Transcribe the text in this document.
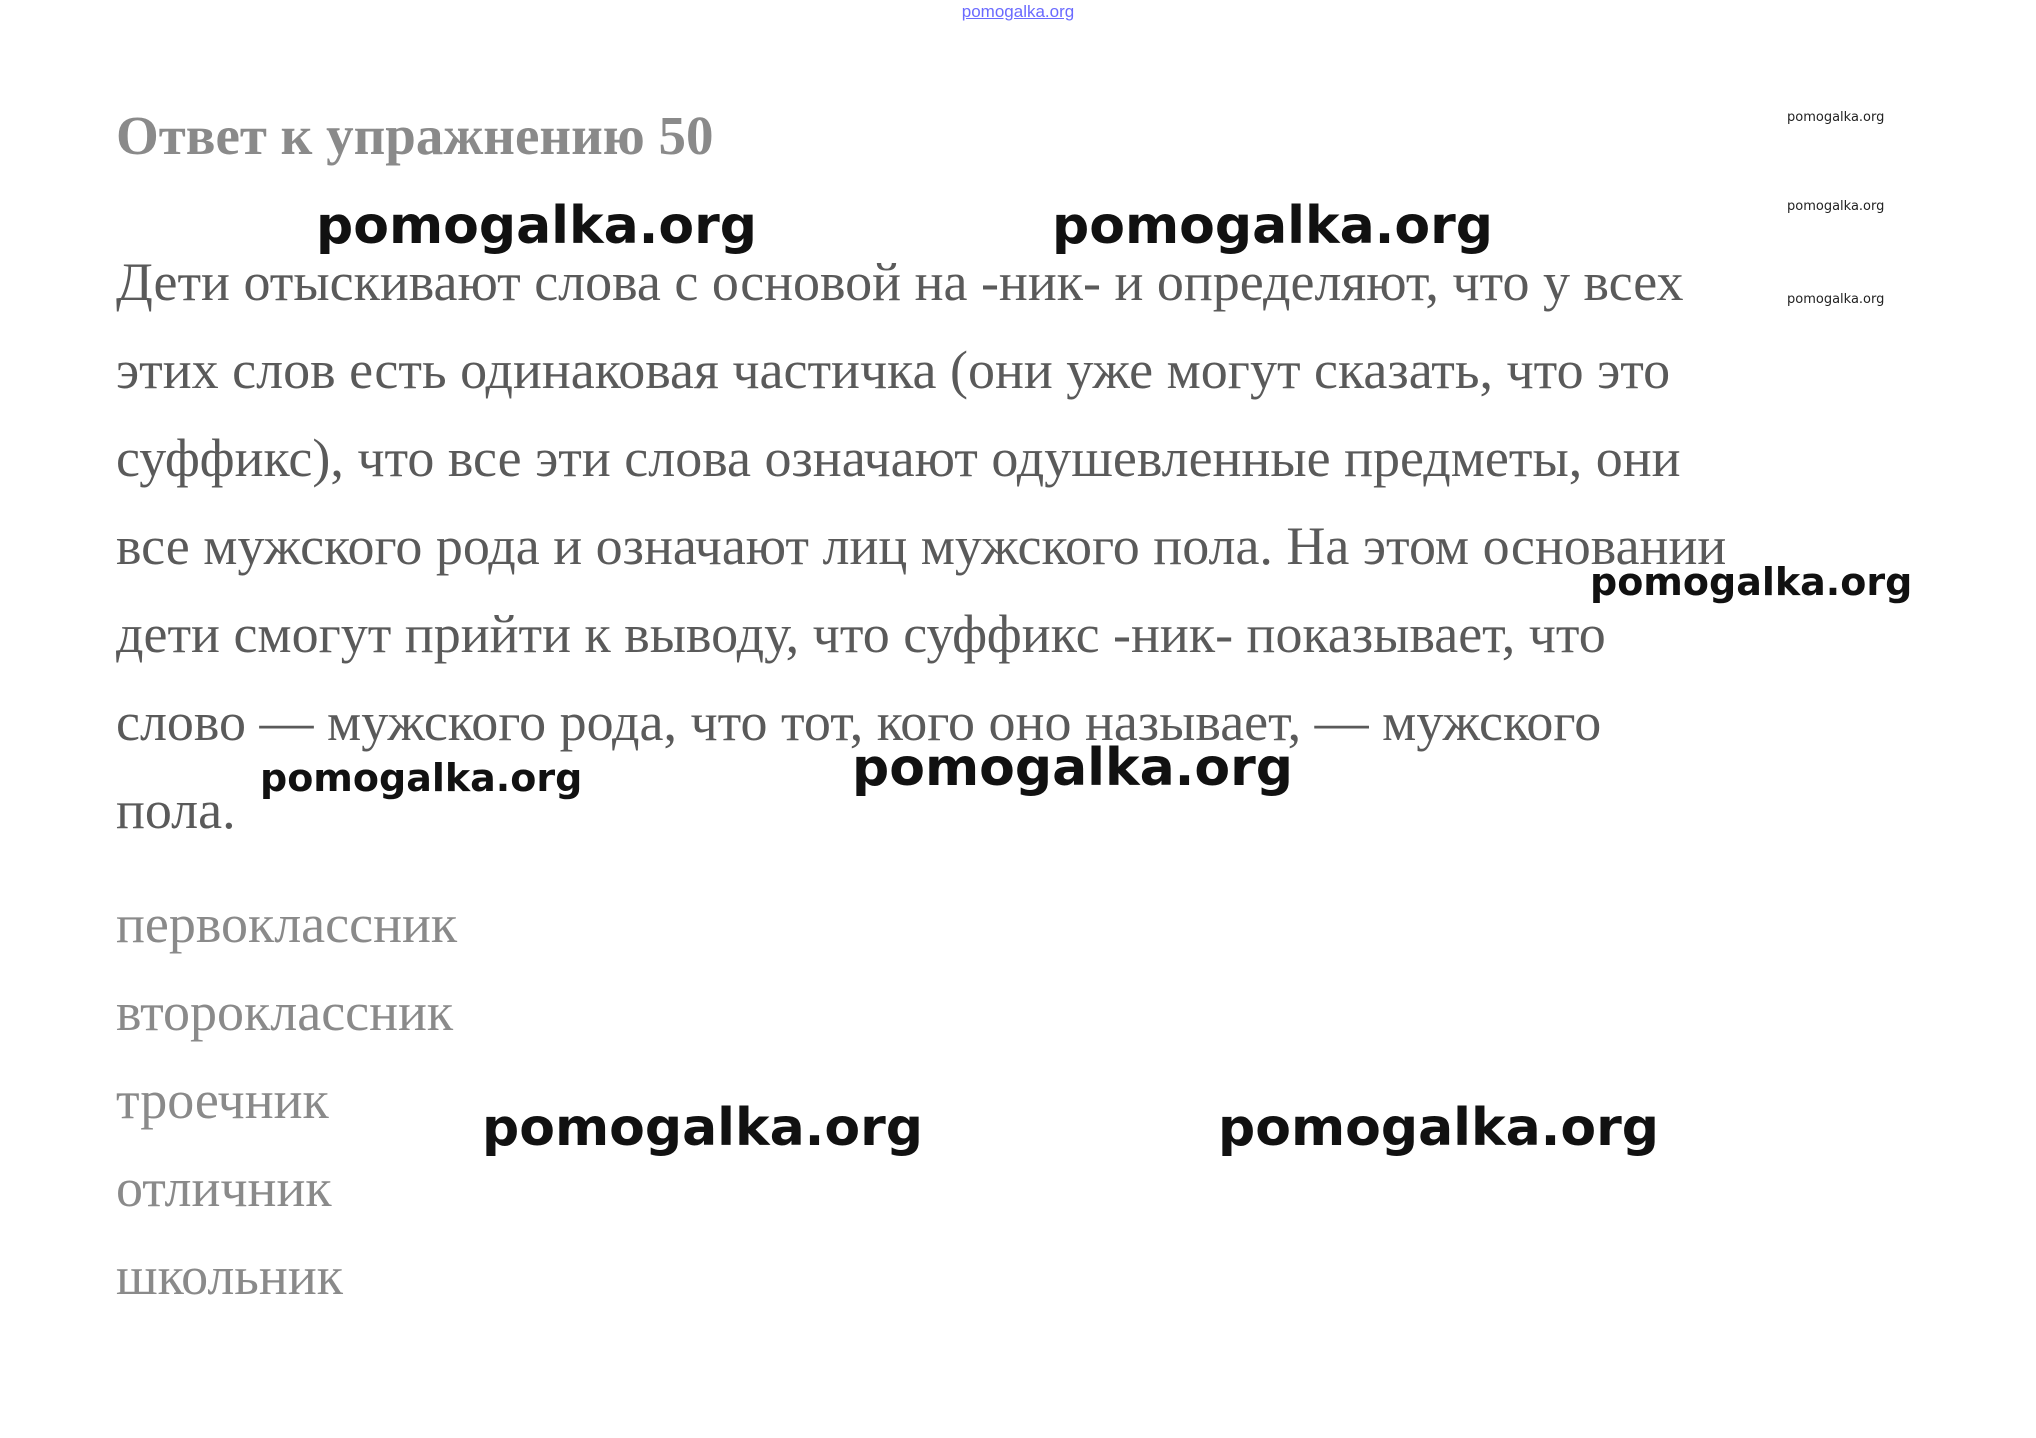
pomogalka.org
Ответ к упражнению 50
Дети отыскивают слова с основой на -ник- и определяют, что у всех
этих слов есть одинаковая частичка (они уже могут сказать, что это
суффикс), что все эти слова означают одушевленные предметы, они
все мужского рода и означают лиц мужского пола. На этом основании
дети смогут прийти к выводу, что суффикс -ник- показывает, что
слово — мужского рода, что тот, кого оно называет, — мужского
пола.
первоклассник
второклассник
троечник
отличник
школьник
pomogalka.org
pomogalka.org
pomogalka.org
pomogalka.org	pomogalka.org
pomogalka.org
pomogalka.org	pomogalka.org
pomogalka.org	pomogalka.org
